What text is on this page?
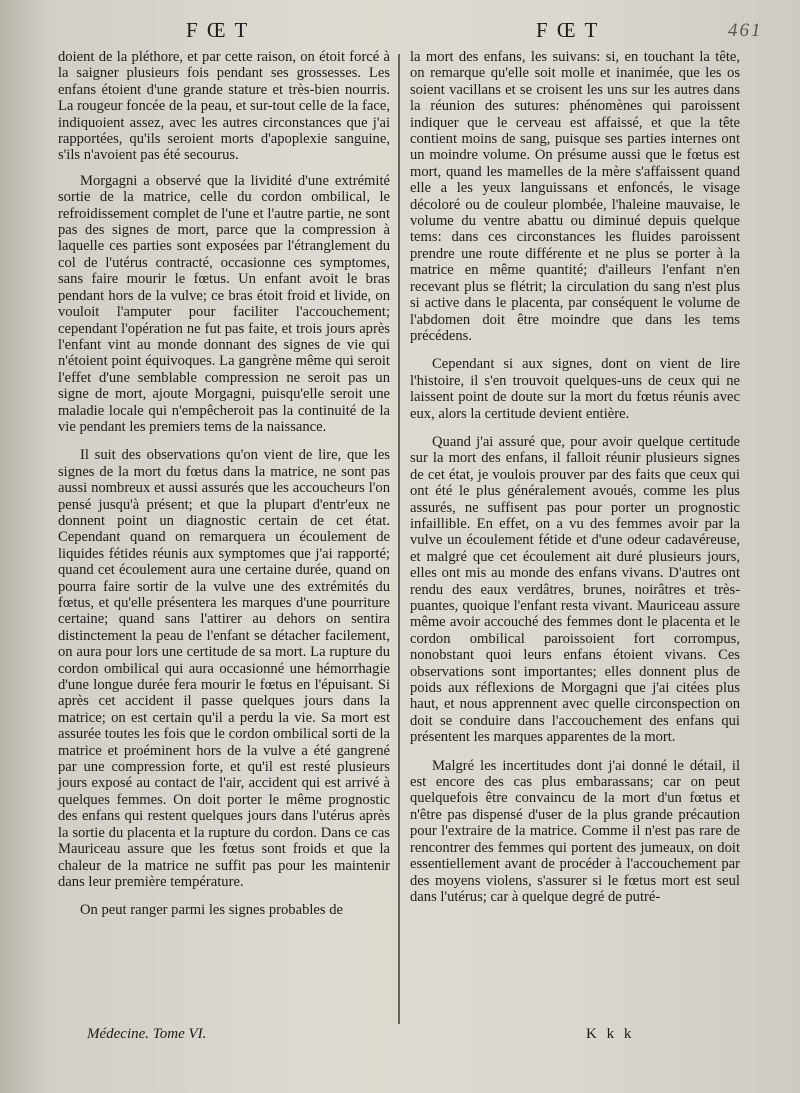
F Œ T	F Œ T	461

doient de la pléthore, et par cette raison, on étoit forcé à la saigner plusieurs fois pendant ses grossesses. Les enfans étoient d'une grande stature et très-bien nourris. La rougeur foncée de la peau, et sur-tout celle de la face, indiquoient assez, avec les autres circonstances que j'ai rapportées, qu'ils seroient morts d'apoplexie sanguine, s'ils n'avoient pas été secourus.

Morgagni a observé que la lividité d'une extrémité sortie de la matrice, celle du cordon ombilical, le refroidissement complet de l'une et l'autre partie, ne sont pas des signes de mort, parce que la compression à laquelle ces parties sont exposées par l'étranglement du col de l'utérus contracté, occasionne ces symptomes, sans faire mourir le fœtus. Un enfant avoit le bras pendant hors de la vulve; ce bras étoit froid et livide, on vouloit l'amputer pour faciliter l'accouchement; cependant l'opération ne fut pas faite, et trois jours après l'enfant vint au monde donnant des signes de vie qui n'étoient point équivoques. La gangrène même qui seroit l'effet d'une semblable compression ne seroit pas un signe de mort, ajoute Morgagni, puisqu'elle seroit une maladie locale qui n'empêcheroit pas la continuité de la vie pendant les premiers tems de la naissance.

Il suit des observations qu'on vient de lire, que les signes de la mort du fœtus dans la matrice, ne sont pas aussi nombreux et aussi assurés que les accoucheurs l'on pensé jusqu'à présent; et que la plupart d'entr'eux ne donnent point un diagnostic certain de cet état. Cependant quand on remarquera un écoulement de liquides fétides réunis aux symptomes que j'ai rapporté; quand cet écoulement aura une certaine durée, quand on pourra faire sortir de la vulve une des extrémités du fœtus, et qu'elle présentera les marques d'une pourriture certaine; quand sans l'attirer au dehors on sentira distinctement la peau de l'enfant se détacher facilement, on aura pour lors une certitude de sa mort. La rupture du cordon ombilical qui aura occasionné une hémorrhagie d'une longue durée fera mourir le fœtus en l'épuisant. Si après cet accident il passe quelques jours dans la matrice; on est certain qu'il a perdu la vie. Sa mort est assurée toutes les fois que le cordon ombilical sorti de la matrice et proéminent hors de la vulve a été gangrené par une compression forte, et qu'il est resté plusieurs jours exposé au contact de l'air, accident qui est arrivé à quelques femmes. On doit porter le même prognostic des enfans qui restent quelques jours dans l'utérus après la sortie du placenta et la rupture du cordon. Dans ce cas Mauriceau assure que les fœtus sont froids et que la chaleur de la matrice ne suffit pas pour les maintenir dans leur première température.

On peut ranger parmi les signes probables de

la mort des enfans, les suivans: si, en touchant la tête, on remarque qu'elle soit molle et inanimée, que les os soient vacillans et se croisent les uns sur les autres dans la réunion des sutures: phénomènes qui paroissent indiquer que le cerveau est affaissé, et que la tête contient moins de sang, puisque ses parties internes ont un moindre volume. On présume aussi que le fœtus est mort, quand les mamelles de la mère s'affaissent quand elle a les yeux languissans et enfoncés, le visage décoloré ou de couleur plombée, l'haleine mauvaise, le volume du ventre abattu ou diminué depuis quelque tems: dans ces circonstances les fluides paroissent prendre une route différente et ne plus se porter à la matrice en même quantité; d'ailleurs l'enfant n'en recevant plus se flétrit; la circulation du sang n'est plus si active dans le placenta, par conséquent le volume de l'abdomen doit être moindre que dans les tems précédens.

Cependant si aux signes, dont on vient de lire l'histoire, il s'en trouvoit quelques-uns de ceux qui ne laissent point de doute sur la mort du fœtus réunis avec eux, alors la certitude devient entière.

Quand j'ai assuré que, pour avoir quelque certitude sur la mort des enfans, il falloit réunir plusieurs signes de cet état, je voulois prouver par des faits que ceux qui ont été le plus généralement avoués, comme les plus assurés, ne suffisent pas pour porter un prognostic infaillible. En effet, on a vu des femmes avoir par la vulve un écoulement fétide et d'une odeur cadavéreuse, et malgré que cet écoulement ait duré plusieurs jours, elles ont mis au monde des enfans vivans. D'autres ont rendu des eaux verdâtres, brunes, noirâtres et très-puantes, quoique l'enfant resta vivant. Mauriceau assure même avoir accouché des femmes dont le placenta et le cordon ombilical paroissoient fort corrompus, nonobstant quoi leurs enfans étoient vivans. Ces observations sont importantes; elles donnent plus de poids aux réflexions de Morgagni que j'ai citées plus haut, et nous apprennent avec quelle circonspection on doit se conduire dans l'accouchement des enfans qui présentent les marques apparentes de la mort.

Malgré les incertitudes dont j'ai donné le détail, il est encore des cas plus embarassans; car on peut quelquefois être convaincu de la mort d'un fœtus et n'être pas dispensé d'user de la plus grande précaution pour l'extraire de la matrice. Comme il n'est pas rare de rencontrer des femmes qui portent des jumeaux, on doit essentiellement avant de procéder à l'accouchement par des moyens violens, s'assurer si le fœtus mort est seul dans l'utérus; car à quelque degré de putré-

Médecine. Tome VI.	K k k
